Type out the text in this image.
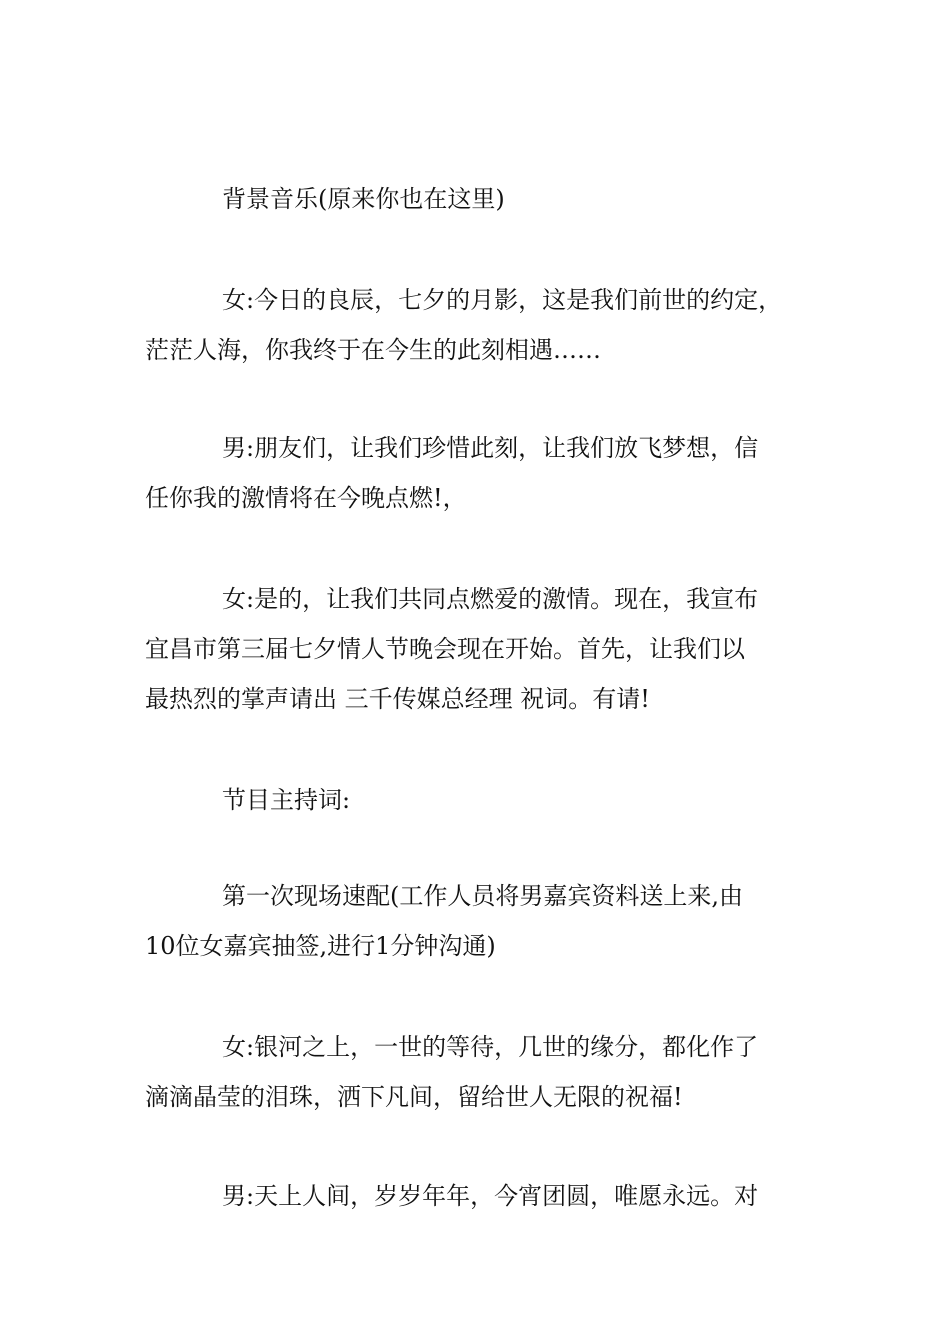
背景音乐(原来你也在这里)
女:今日的良辰，七夕的月影，这是我们前世的约定，
茫茫人海，你我终于在今生的此刻相遇……
男:朋友们，让我们珍惜此刻，让我们放飞梦想，信
任你我的激情将在今晚点燃!，
女:是的，让我们共同点燃爱的激情。现在，我宣布
宜昌市第三届七夕情人节晚会现在开始。首先，让我们以
最热烈的掌声请出 三千传媒总经理 祝词。有请!
节目主持词:
第一次现场速配(工作人员将男嘉宾资料送上来,由
10位女嘉宾抽签,进行1分钟沟通)
女:银河之上，一世的等待，几世的缘分，都化作了
滴滴晶莹的泪珠，洒下凡间，留给世人无限的祝福!
男:天上人间，岁岁年年，今宵团圆，唯愿永远。对
